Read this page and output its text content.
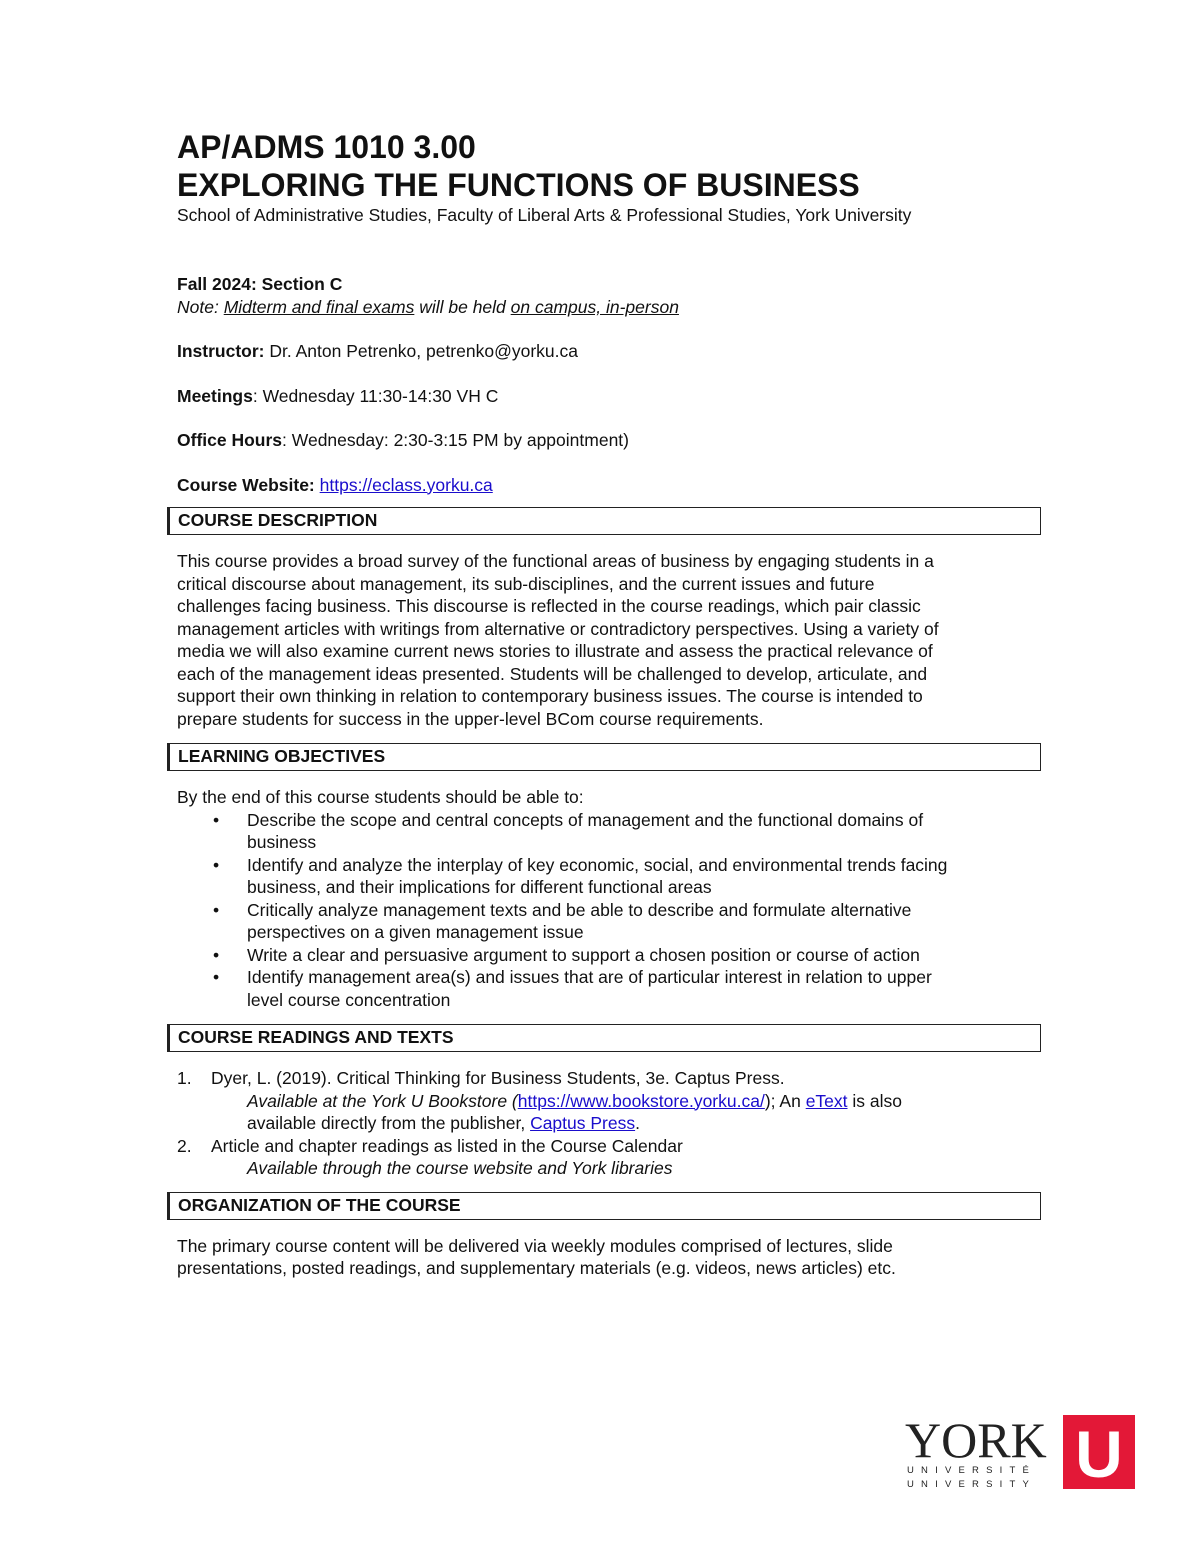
AP/ADMS 1010 3.00
EXPLORING THE FUNCTIONS OF BUSINESS
School of Administrative Studies, Faculty of Liberal Arts & Professional Studies, York University
Fall 2024: Section C
Note: Midterm and final exams will be held on campus, in-person
Instructor: Dr. Anton Petrenko, petrenko@yorku.ca
Meetings: Wednesday 11:30-14:30 VH C
Office Hours: Wednesday: 2:30-3:15 PM by appointment)
Course Website: https://eclass.yorku.ca
COURSE DESCRIPTION
This course provides a broad survey of the functional areas of business by engaging students in a
critical discourse about management, its sub-disciplines, and the current issues and future
challenges facing business. This discourse is reflected in the course readings, which pair classic
management articles with writings from alternative or contradictory perspectives. Using a variety of
media we will also examine current news stories to illustrate and assess the practical relevance of
each of the management ideas presented. Students will be challenged to develop, articulate, and
support their own thinking in relation to contemporary business issues. The course is intended to
prepare students for success in the upper-level BCom course requirements.
LEARNING OBJECTIVES
By the end of this course students should be able to:
• Describe the scope and central concepts of management and the functional domains of
business
• Identify and analyze the interplay of key economic, social, and environmental trends facing
business, and their implications for different functional areas
• Critically analyze management texts and be able to describe and formulate alternative
perspectives on a given management issue
• Write a clear and persuasive argument to support a chosen position or course of action
• Identify management area(s) and issues that are of particular interest in relation to upper
level course concentration
COURSE READINGS AND TEXTS
1. Dyer, L. (2019). Critical Thinking for Business Students, 3e. Captus Press.

Available at the York U Bookstore (https://www.bookstore.yorku.ca/); An eText is also
available directly from the publisher, Captus Press.
2. Article and chapter readings as listed in the Course Calendar

Available through the course website and York libraries
ORGANIZATION OF THE COURSE
The primary course content will be delivered via weekly modules comprised of lectures, slide
presentations, posted readings, and supplementary materials (e.g. videos, news articles) etc.
YORK
UNIVERSITÉ
UNIVERSITY U
